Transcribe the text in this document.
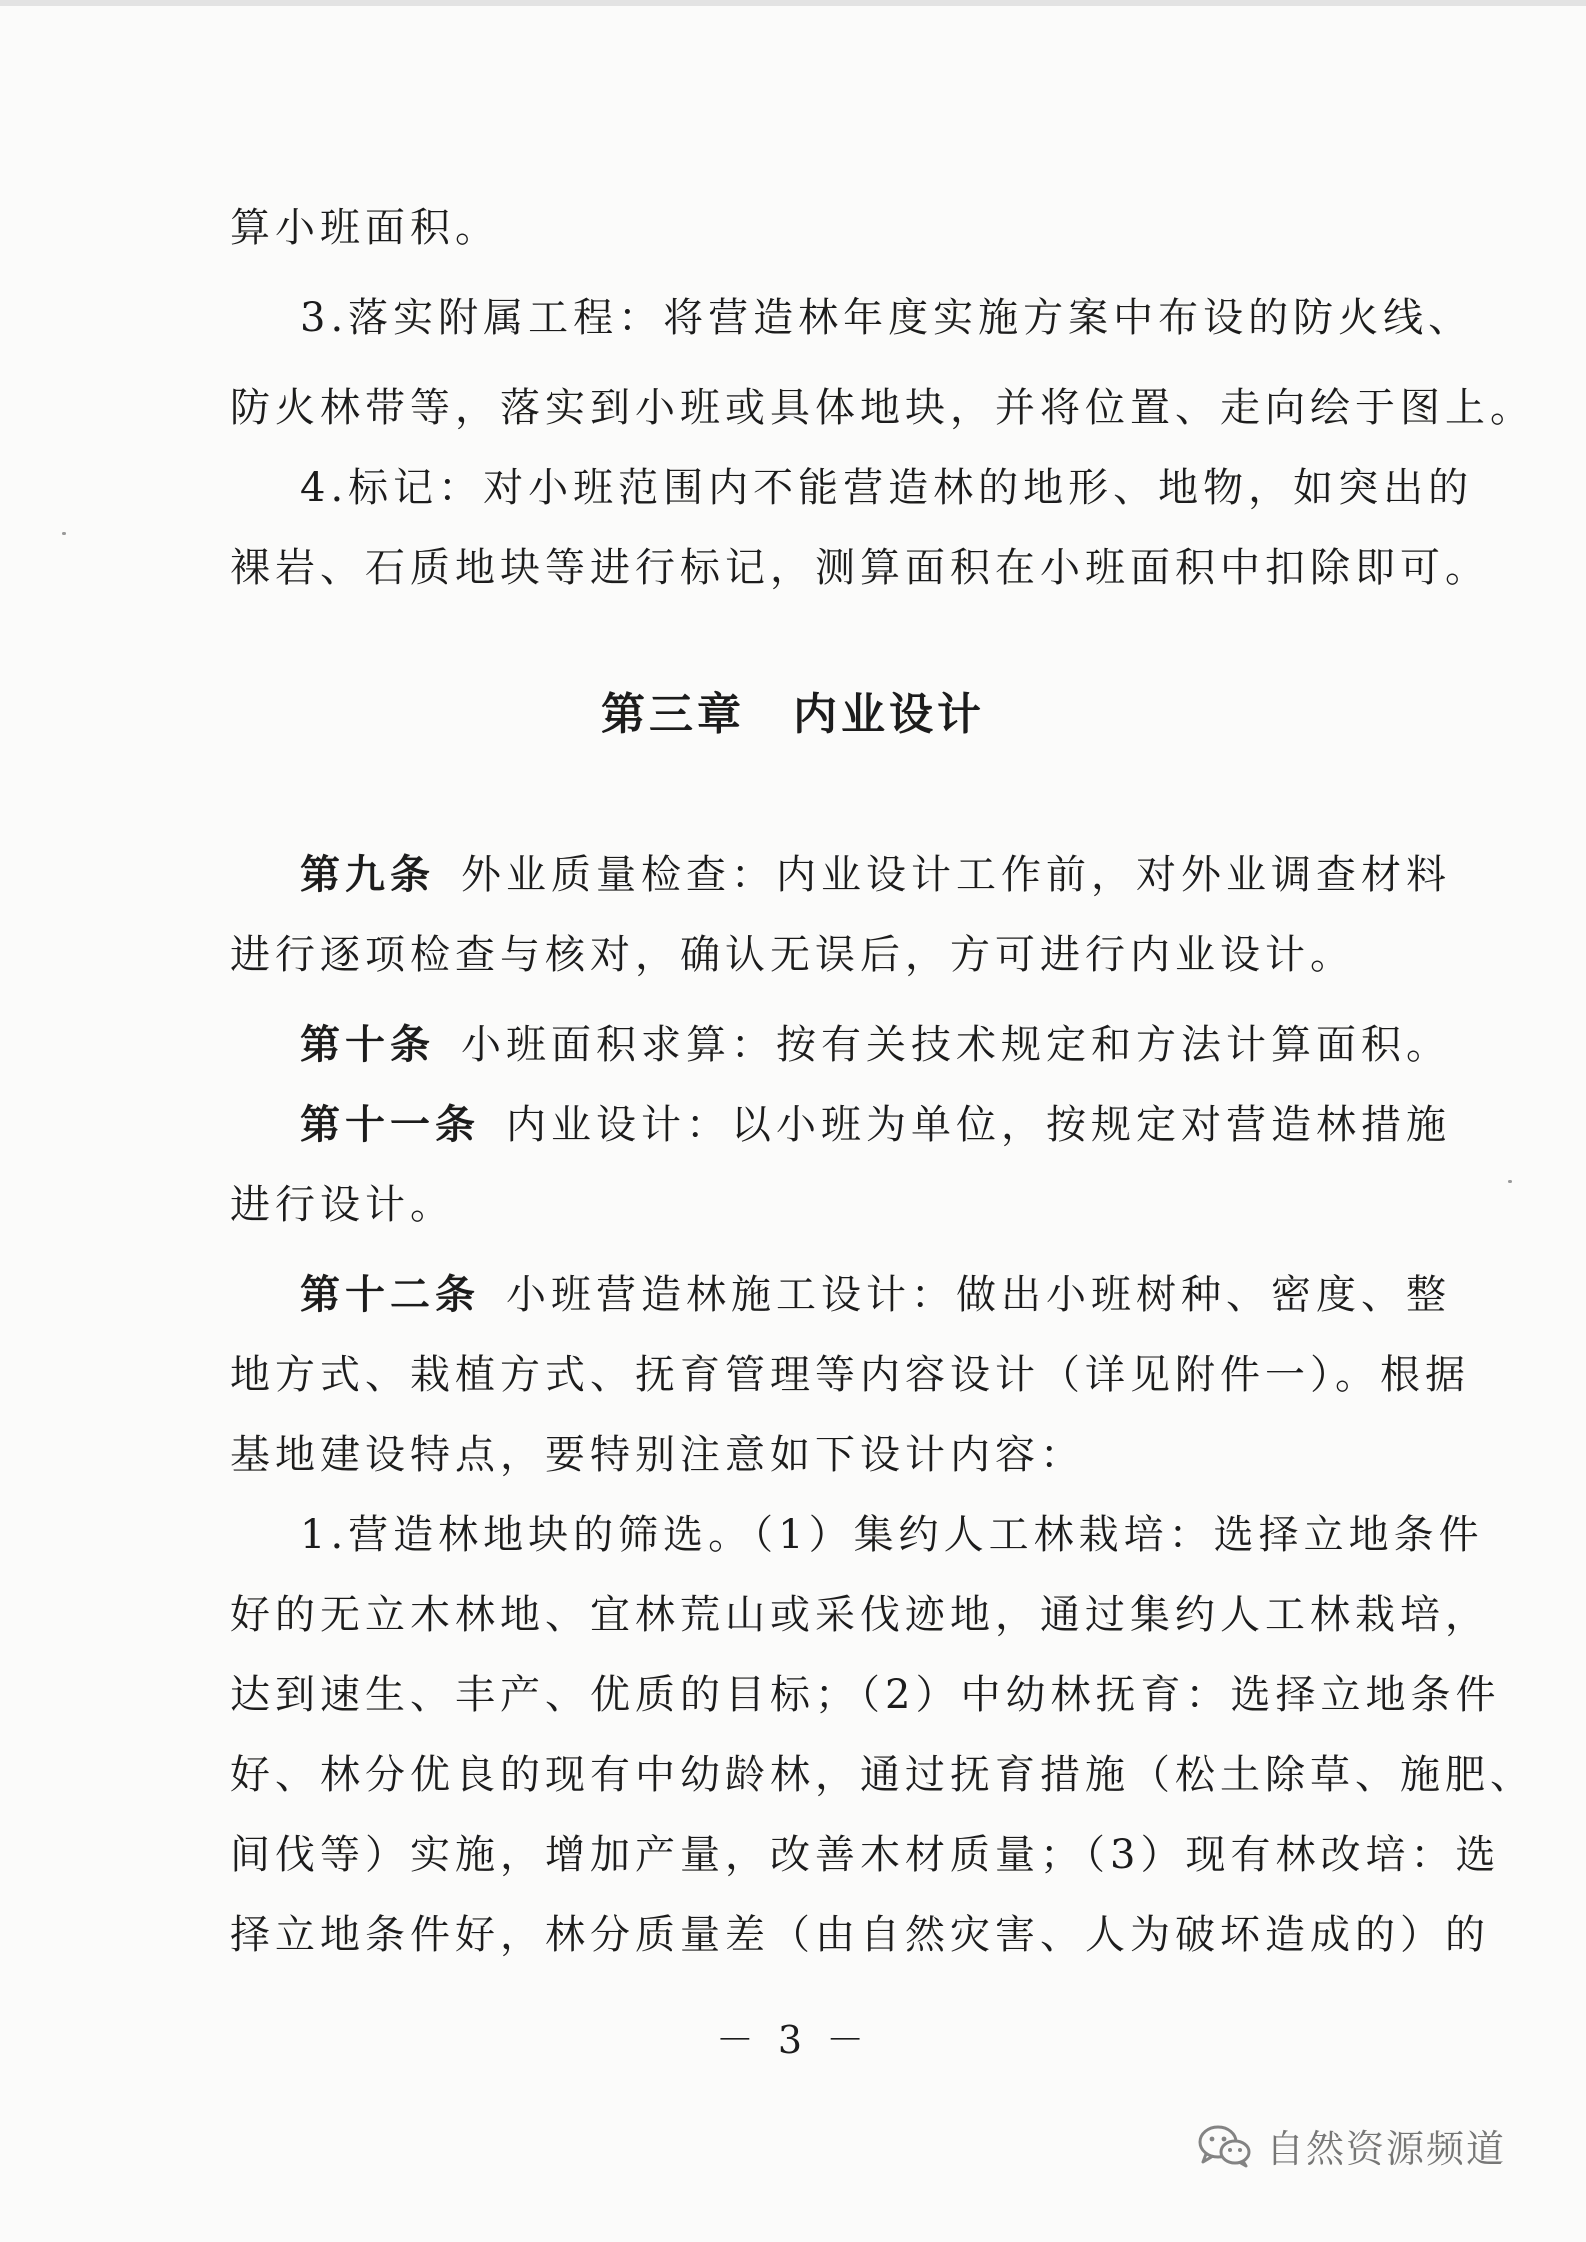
算小班面积。
3.落实附属工程：将营造林年度实施方案中布设的防火线、
防火林带等，落实到小班或具体地块，并将位置、走向绘于图上。
4.标记：对小班范围内不能营造林的地形、地物，如突出的
裸岩、石质地块等进行标记，测算面积在小班面积中扣除即可。
第三章　内业设计
第九条 外业质量检查：内业设计工作前，对外业调查材料
进行逐项检查与核对，确认无误后，方可进行内业设计。
第十条 小班面积求算：按有关技术规定和方法计算面积。
第十一条 内业设计：以小班为单位，按规定对营造林措施
进行设计。
第十二条 小班营造林施工设计：做出小班树种、密度、整
地方式、栽植方式、抚育管理等内容设计（详见附件一）。根据
基地建设特点，要特别注意如下设计内容：
1.营造林地块的筛选。（1）集约人工林栽培：选择立地条件
好的无立木林地、宜林荒山或采伐迹地，通过集约人工林栽培，
达到速生、丰产、优质的目标；（2）中幼林抚育：选择立地条件
好、林分优良的现有中幼龄林，通过抚育措施（松土除草、施肥、
间伐等）实施，增加产量，改善木材质量；（3）现有林改培：选
择立地条件好，林分质量差（由自然灾害、人为破坏造成的）的
－ 3 －
自然资源频道
